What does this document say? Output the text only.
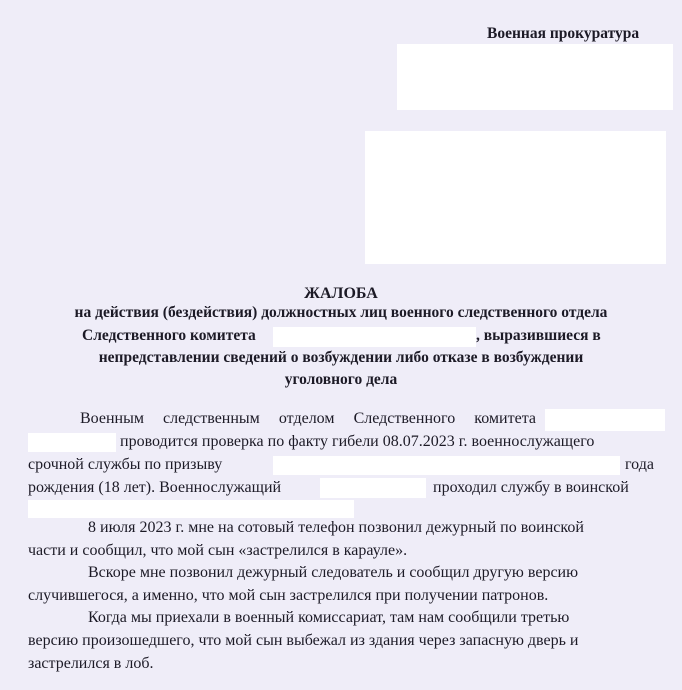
Военная прокуратура
ЖАЛОБА
на действия (бездействия) должностных лиц военного следственного отдела
Следственного комитета	, выразившиеся в
непредставлении сведений о возбуждении либо отказе в возбуждении
уголовного дела
Военным следственным отделом Следственного комитета
проводится проверка по факту гибели 08.07.2023 г. военнослужащего
срочной службы по призыву	года
рождения (18 лет). Военнослужащий	проходил службу в воинской
8 июля 2023 г. мне на сотовый телефон позвонил дежурный по воинской
части и сообщил, что мой сын «застрелился в карауле».
Вскоре мне позвонил дежурный следователь и сообщил другую версию
случившегося, а именно, что мой сын застрелился при получении патронов.
Когда мы приехали в военный комиссариат, там нам сообщили третью
версию произошедшего, что мой сын выбежал из здания через запасную дверь и
застрелился в лоб.
